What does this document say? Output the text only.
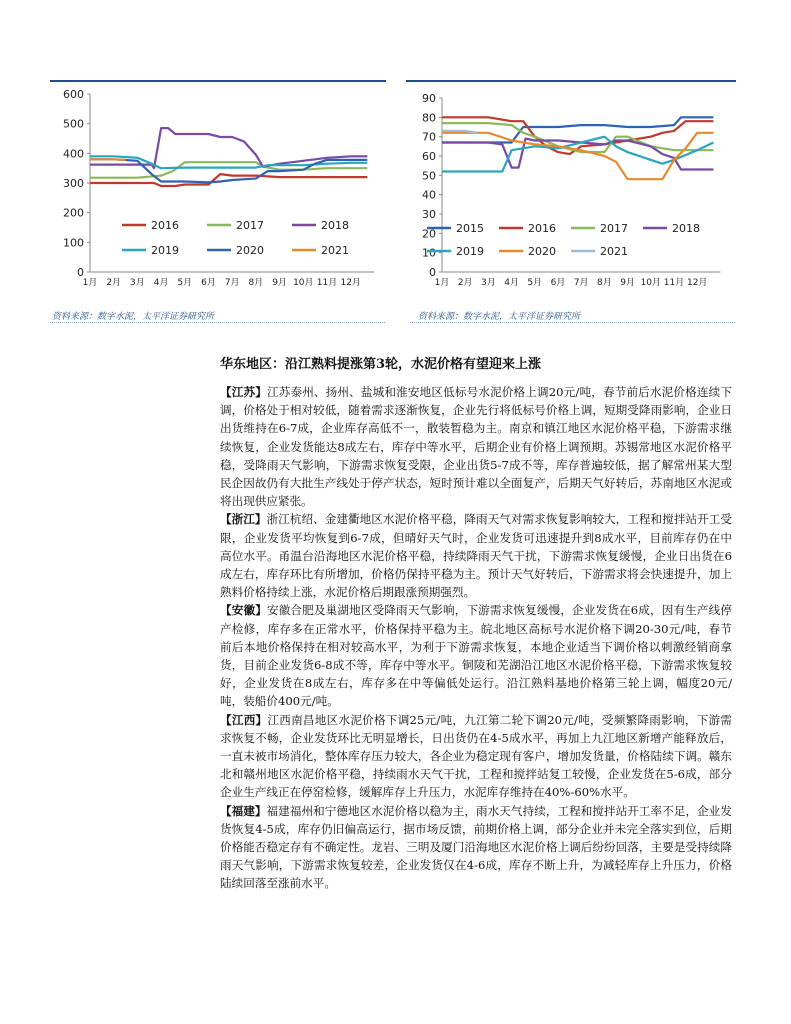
0
100
200
300
400
500
600
1月 2月 3月 4月 5月 6月 7月 8月 9月 10月 11月 12月
2016	2017	2018
2019	2020	2021
0
10
20
30
40
50
60
70
80
90
1月 2月 3月 4月 5月 6月 7月 8月 9月 10月 11月 12月
2015	2016	2017	2018
2019	2020	2021
资料来源：数字水泥，太平洋证券研究所	资料来源：数字水泥，太平洋证券研究所
华东地区：沿江熟料提涨第3轮，水泥价格有望迎来上涨

【江苏】江苏泰州、扬州、盐城和淮安地区低标号水泥价格上调20元/吨，春节前后水泥价格连续下调，价格处于相对较低，随着需求逐渐恢复，企业先行将低标号价格上调，短期受降雨影响，企业日出货维持在6-7成，企业库存高低不一，散装暂稳为主。南京和镇江地区水泥价格平稳，下游需求继续恢复，企业发货能达8成左右，库存中等水平，后期企业有价格上调预期。苏锡常地区水泥价格平稳，受降雨天气影响，下游需求恢复受限，企业出货5-7成不等，库存普遍较低，据了解常州某大型民企因故仍有大批生产线处于停产状态，短时预计难以全面复产，后期天气好转后，苏南地区水泥或将出现供应紧张。

【浙江】浙江杭绍、金建衢地区水泥价格平稳，降雨天气对需求恢复影响较大，工程和搅拌站开工受限，企业发货平均恢复到6-7成，但晴好天气时，企业发货可迅速提升到8成水平，目前库存仍在中高位水平。甬温台沿海地区水泥价格平稳，持续降雨天气干扰，下游需求恢复缓慢，企业日出货在6成左右，库存环比有所增加，价格仍保持平稳为主。预计天气好转后，下游需求将会快速提升，加上熟料价格持续上涨，水泥价格后期跟涨预期强烈。

【安徽】安徽合肥及巢湖地区受降雨天气影响，下游需求恢复缓慢，企业发货在6成，因有生产线停产检修，库存多在正常水平，价格保持平稳为主。皖北地区高标号水泥价格下调20-30元/吨，春节前后本地价格保持在相对较高水平，为利于下游需求恢复，本地企业适当下调价格以刺激经销商拿货，目前企业发货6-8成不等，库存中等水平。铜陵和芜湖沿江地区水泥价格平稳，下游需求恢复较好，企业发货在8成左右，库存多在中等偏低处运行。沿江熟料基地价格第三轮上调，幅度20元/吨，装船价400元/吨。

【江西】江西南昌地区水泥价格下调25元/吨，九江第二轮下调20元/吨，受频繁降雨影响，下游需求恢复不畅，企业发货环比无明显增长，日出货仍在4-5成水平，再加上九江地区新增产能释放后，一直未被市场消化，整体库存压力较大，各企业为稳定现有客户，增加发货量，价格陆续下调。赣东北和赣州地区水泥价格平稳，持续雨水天气干扰，工程和搅拌站复工较慢，企业发货在5-6成，部分企业生产线正在停窑检修，缓解库存上升压力，水泥库存维持在40%-60%水平。

【福建】福建福州和宁德地区水泥价格以稳为主，雨水天气持续，工程和搅拌站开工率不足，企业发货恢复4-5成，库存仍旧偏高运行，据市场反馈，前期价格上调，部分企业并未完全落实到位，后期价格能否稳定存有不确定性。龙岩、三明及厦门沿海地区水泥价格上调后纷纷回落，主要是受持续降雨天气影响，下游需求恢复较差，企业发货仅在4-6成，库存不断上升，为减轻库存上升压力，价格陆续回落至涨前水平。
